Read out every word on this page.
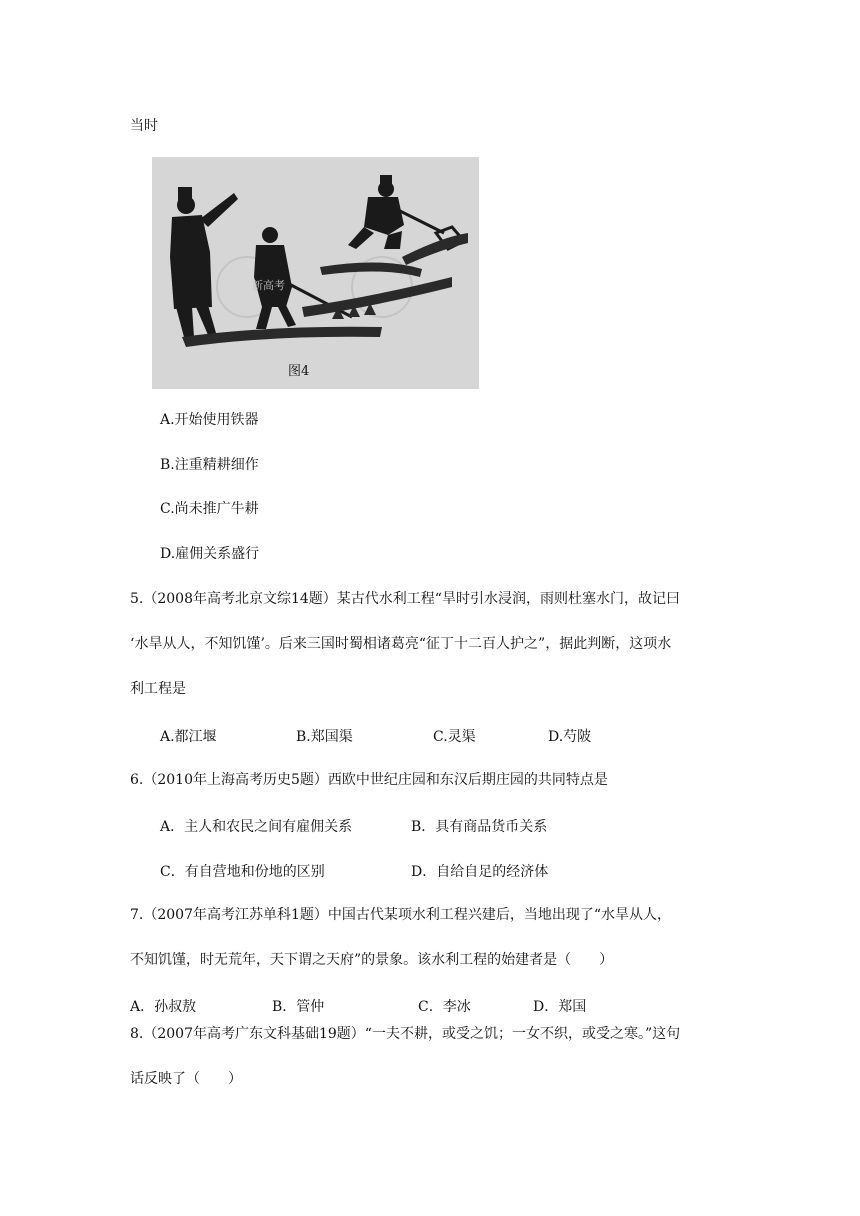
当时
图4
新高考
A.开始使用铁器
B.注重精耕细作
C.尚未推广牛耕
D.雇佣关系盛行
5.（2008年高考北京文综14题）某古代水利工程“旱时引水浸润，雨则杜塞水门，故记曰
‘水旱从人，不知饥馑’。后来三国时蜀相诸葛亮“征丁十二百人护之”，据此判断，这项水
利工程是
A.都江堰	B.郑国渠	C.灵渠	D.芍陂
6.（2010年上海高考历史5题）西欧中世纪庄园和东汉后期庄园的共同特点是
A．主人和农民之间有雇佣关系	B．具有商品货币关系
C．有自营地和份地的区别	D．自给自足的经济体
7.（2007年高考江苏单科1题）中国古代某项水利工程兴建后，当地出现了“水旱从人，
不知饥馑，时无荒年，天下谓之天府”的景象。该水利工程的始建者是（　　）
A．孙叔敖	B．管仲	C．李冰	D．郑国
8.（2007年高考广东文科基础19题）“一夫不耕，或受之饥；一女不织，或受之寒。”这句
话反映了（　　）
